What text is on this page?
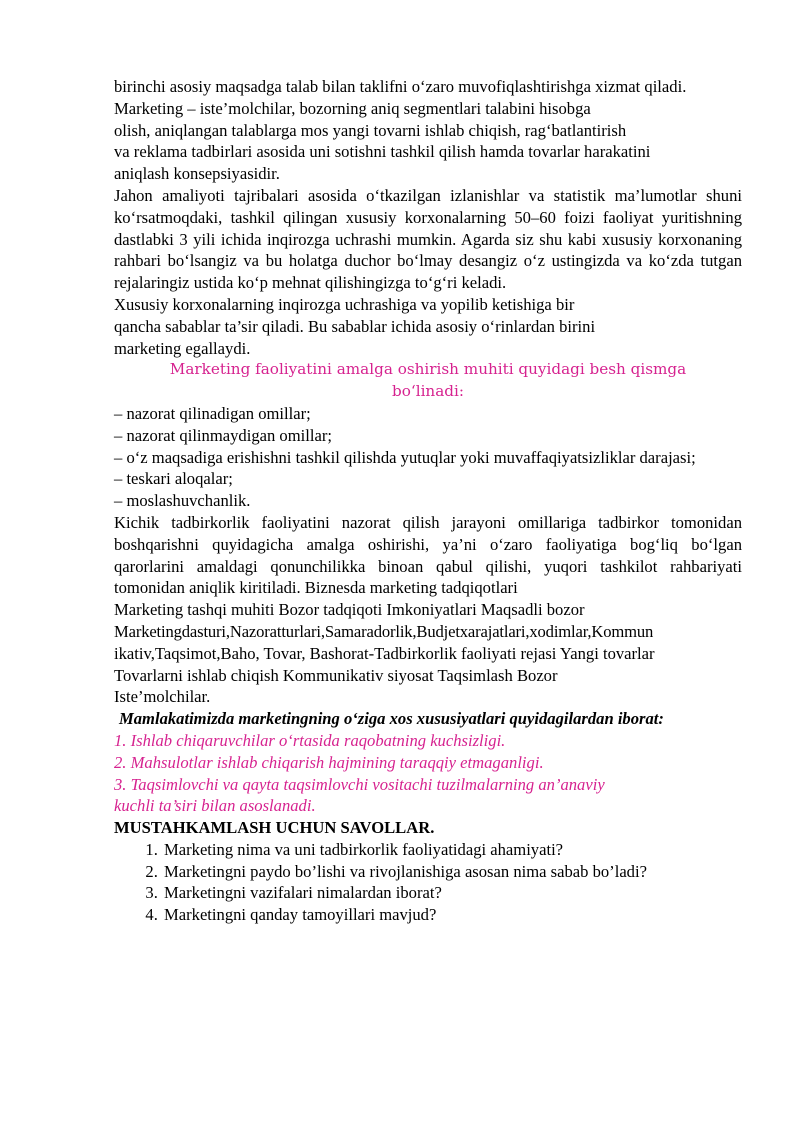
birinchi asosiy maqsadga talab bilan taklifni o‘zaro muvofiqlashtirishga xizmat qiladi.

Marketing – iste’molchilar, bozorning aniq segmentlari talabini hisobga
olish, aniqlangan talablarga mos yangi tovarni ishlab chiqish, rag‘batlantirish
va reklama tadbirlari asosida uni sotishni tashkil qilish hamda tovarlar harakatini
aniqlash konsepsiyasidir.

Jahon amaliyoti tajribalari asosida o‘tkazilgan izlanishlar va statistik ma’lumotlar shuni ko‘rsatmoqdaki, tashkil qilingan xususiy korxonalarning 50–60 foizi faoliyat yuritishning dastlabki 3 yili ichida inqirozga uchrashi mumkin. Agarda siz shu kabi xususiy korxonaning rahbari bo‘lsangiz va bu holatga duchor bo‘lmay desangiz o‘z ustingizda va ko‘zda tutgan rejalaringiz ustida ko‘p mehnat qilishingizga to‘g‘ri keladi.

Xususiy korxonalarning inqirozga uchrashiga va yopilib ketishiga bir
qancha sabablar ta’sir qiladi. Bu sabablar ichida asosiy o‘rinlardan birini
marketing egallaydi.
Marketing faoliyatini amalga oshirish muhiti quyidagi besh qismga
bo‘linadi:
– nazorat qilinadigan omillar;
– nazorat qilinmaydigan omillar;
– o‘z maqsadiga erishishni tashkil qilishda yutuqlar yoki muvaffaqiyatsizliklar darajasi;
– teskari aloqalar;
– moslashuvchanlik.

Kichik tadbirkorlik faoliyatini nazorat qilish jarayoni omillariga tadbirkor tomonidan boshqarishni quyidagicha amalga oshirishi, ya’ni o‘zaro faoliyatiga bog‘liq bo‘lgan qarorlarini amaldagi qonunchilikka binoan qabul qilishi, yuqori tashkilot rahbariyati tomonidan aniqlik kiritiladi. Biznesda marketing tadqiqotlari

Marketing tashqi muhiti Bozor tadqiqoti Imkoniyatlari Maqsadli bozor
Marketingdasturi,Nazoratturlari,Samaradorlik,Budjetxarajatlari,xodimlar,Kommun
ikativ,Taqsimot,Baho, Tovar, Bashorat-Tadbirkorlik faoliyati rejasi Yangi tovarlar
Tovarlarni ishlab chiqish Kommunikativ siyosat Taqsimlash Bozor
Iste’molchilar.
Mamlakatimizda marketingning o‘ziga xos xususiyatlari quyidagilardan iborat:
1. Ishlab chiqaruvchilar o‘rtasida raqobatning kuchsizligi.
2. Mahsulotlar ishlab chiqarish hajmining taraqqiy etmaganligi.
3. Taqsimlovchi va qayta taqsimlovchi vositachi tuzilmalarning an’anaviy
kuchli ta’siri bilan asoslanadi.
MUSTAHKAMLASH UCHUN SAVOLLAR.
1. Marketing nima va uni tadbirkorlik faoliyatidagi ahamiyati?
2. Marketingni paydo bo’lishi va rivojlanishiga asosan nima sabab bo’ladi?
3. Marketingni vazifalari nimalardan iborat?
4. Marketingni qanday tamoyillari mavjud?
